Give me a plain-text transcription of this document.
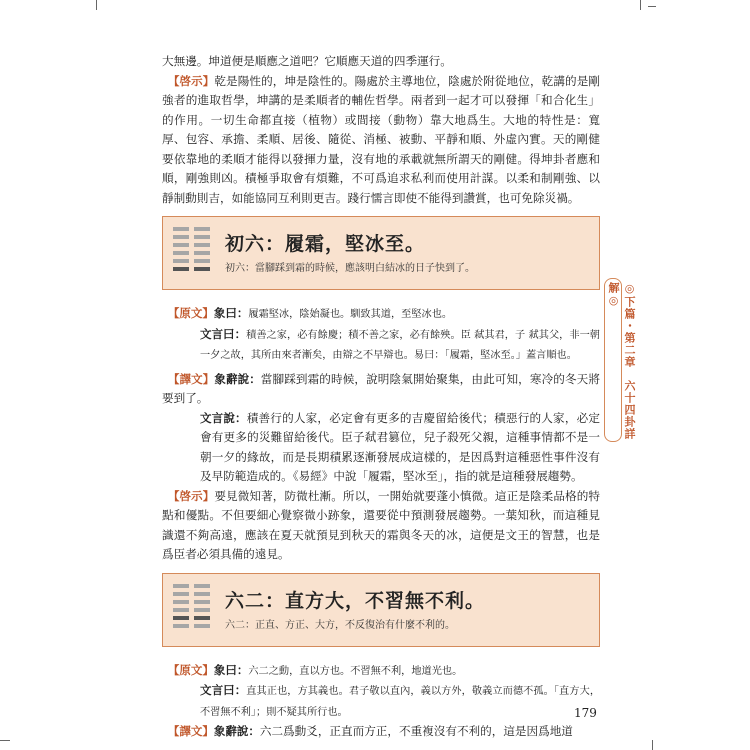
大無邊。坤道便是順應之道吧？它順應天道的四季運行。

　【啓示】乾是陽性的，坤是陰性的。陽處於主導地位，陰處於附從地位，乾講的是剛強者的進取哲學，坤講的是柔順者的輔佐哲學。兩者到一起才可以發揮「和合化生」的作用。一切生命都直接（植物）或間接（動物）靠大地爲生。大地的特性是：寬厚、包容、承擔、柔順、居後、隨從、消極、被動、平靜和順、外虛內實。天的剛健要依靠地的柔順才能得以發揮力量，沒有地的承載就無所謂天的剛健。得坤卦者應和順，剛強則凶。積極爭取會有煩難，不可爲追求私利而使用計謀。以柔和制剛強、以靜制動則吉，如能協同互利則更吉。踐行懦言即使不能得到讚賞，也可免除災禍。

初六：履霜，堅冰至。
初六：當腳踩到霜的時候，應該明白結冰的日子快到了。

　【原文】象曰：履霜堅冰，陰始凝也。馴致其道，至堅冰也。

文言曰：積善之家，必有餘慶；積不善之家，必有餘殃。臣 弒其君，子 弒其父，非一朝一夕之故，其所由來者漸矣，由辯之不早辯也。易曰：「履霜，堅冰至。」蓋言順也。

　【譯文】象辭說：當腳踩到霜的時候，說明陰氣開始聚集，由此可知，寒冷的冬天將要到了。

文言說：積善行的人家，必定會有更多的吉慶留給後代；積惡行的人家，必定會有更多的災難留給後代。臣子弒君篡位，兒子殺死父親，這種事情都不是一朝一夕的緣故，而是長期積累逐漸發展成這樣的，是因爲對這種惡性事件沒有及早防範造成的。《易經》中說「履霜，堅冰至」，指的就是這種發展趨勢。

　【啓示】要見微知著，防微杜漸。所以，一開始就要蓬小慎微。這正是陰柔品格的特點和優點。不但要細心覺察微小跡象，還要從中預測發展趨勢。一葉知秋，而這種見識還不夠高遠，應該在夏天就預見到秋天的霜與冬天的冰，這便是文王的智慧，也是爲臣者必須具備的遠見。

六二：直方大，不習無不利。
六二：正直、方正、大方，不反復治有什麼不利的。

　【原文】象曰：六二之動，直以方也。不習無不利，地道光也。

文言曰：直其正也，方其義也。君子敬以直內，義以方外，敬義立而德不孤。「直方大，不習無不利」；則不疑其所行也。

　【譯文】象辭說：六二爲動爻，正直而方正，不重複沒有不利的，這是因爲地道

◎下篇・第二章　六十四卦詳解◎
179
